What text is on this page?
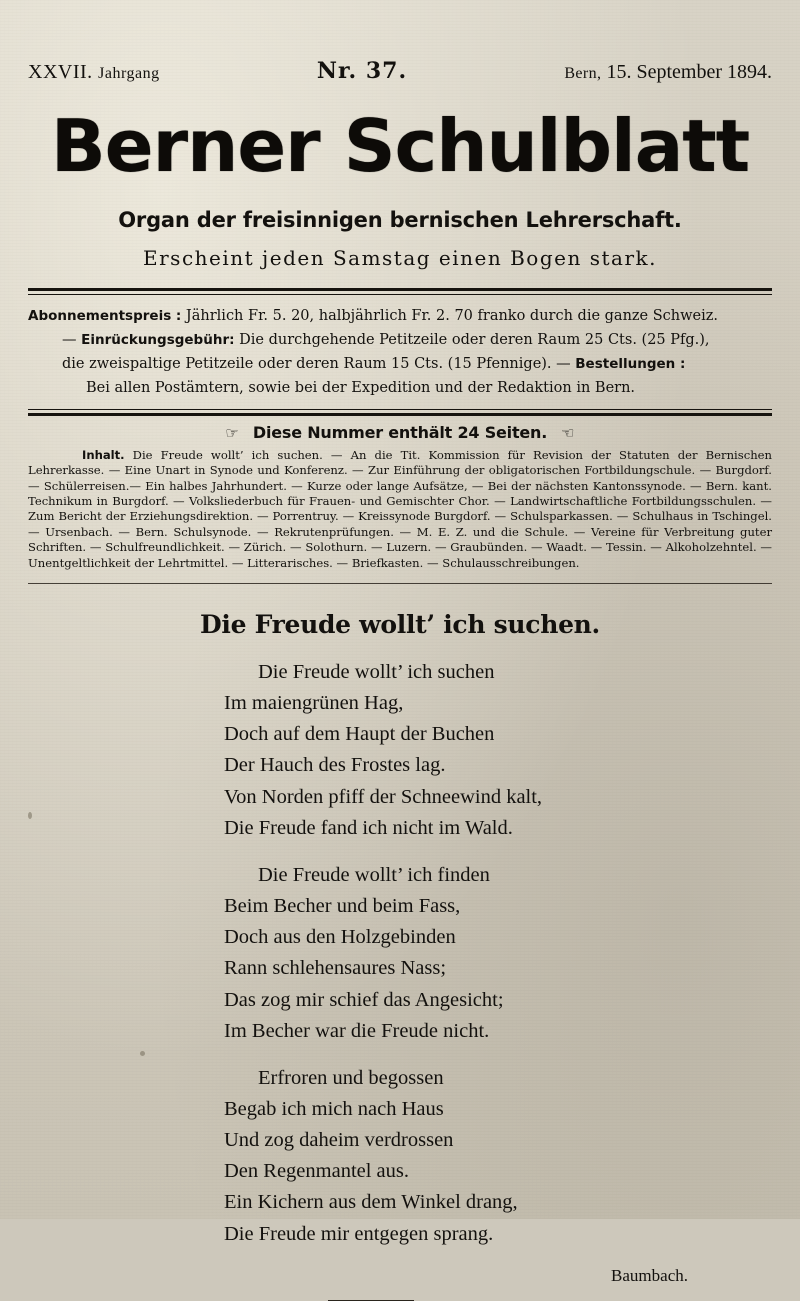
XXVII. Jahrgang	Nr. 37.	Bern, 15. September 1894.
Berner Schulblatt
Organ der freisinnigen bernischen Lehrerschaft.
Erscheint jeden Samstag einen Bogen stark.
Abonnementspreis : Jährlich Fr. 5. 20, halbjährlich Fr. 2. 70 franko durch die ganze Schweiz.
— Einrückungsgebühr: Die durchgehende Petitzeile oder deren Raum 25 Cts. (25 Pfg.),
die zweispaltige Petitzeile oder deren Raum 15 Cts. (15 Pfennige). — Bestellungen :
Bei allen Postämtern, sowie bei der Expedition und der Redaktion in Bern.
☞ Diese Nummer enthält 24 Seiten. ☜
Inhalt. Die Freude wollt’ ich suchen. — An die Tit. Kommission für Revision der Statuten der Bernischen Lehrerkasse. — Eine Unart in Synode und Konferenz. — Zur Einführung der obligatorischen Fortbildungschule. — Burgdorf. — Schülerreisen.— Ein halbes Jahrhundert. — Kurze oder lange Aufsätze, — Bei der nächsten Kantonssynode. — Bern. kant. Technikum in Burgdorf. — Volksliederbuch für Frauen- und Gemischter Chor. — Landwirtschaftliche Fortbildungsschulen. — Zum Bericht der Erziehungsdirektion. — Porrentruy. — Kreissynode Burgdorf. — Schulsparkassen. — Schulhaus in Tschingel. — Ursenbach. — Bern. Schulsynode. — Rekrutenprüfungen. — M. E. Z. und die Schule. — Vereine für Verbreitung guter Schriften. — Schulfreundlichkeit. — Zürich. — Solothurn. — Luzern. — Graubünden. — Waadt. — Tessin. — Alkoholzehntel. — Unentgeltlichkeit der Lehrtmittel. — Litterarisches. — Briefkasten. — Schulausschreibungen.
Die Freude wollt’ ich suchen.
Die Freude wollt’ ich suchen
Im maiengrünen Hag,
Doch auf dem Haupt der Buchen
Der Hauch des Frostes lag.
Von Norden pfiff der Schneewind kalt,
Die Freude fand ich nicht im Wald.
Die Freude wollt’ ich finden
Beim Becher und beim Fass,
Doch aus den Holzgebinden
Rann schlehensaures Nass;
Das zog mir schief das Angesicht;
Im Becher war die Freude nicht.
Erfroren und begossen
Begab ich mich nach Haus
Und zog daheim verdrossen
Den Regenmantel aus.
Ein Kichern aus dem Winkel drang,
Die Freude mir entgegen sprang.
Baumbach.
